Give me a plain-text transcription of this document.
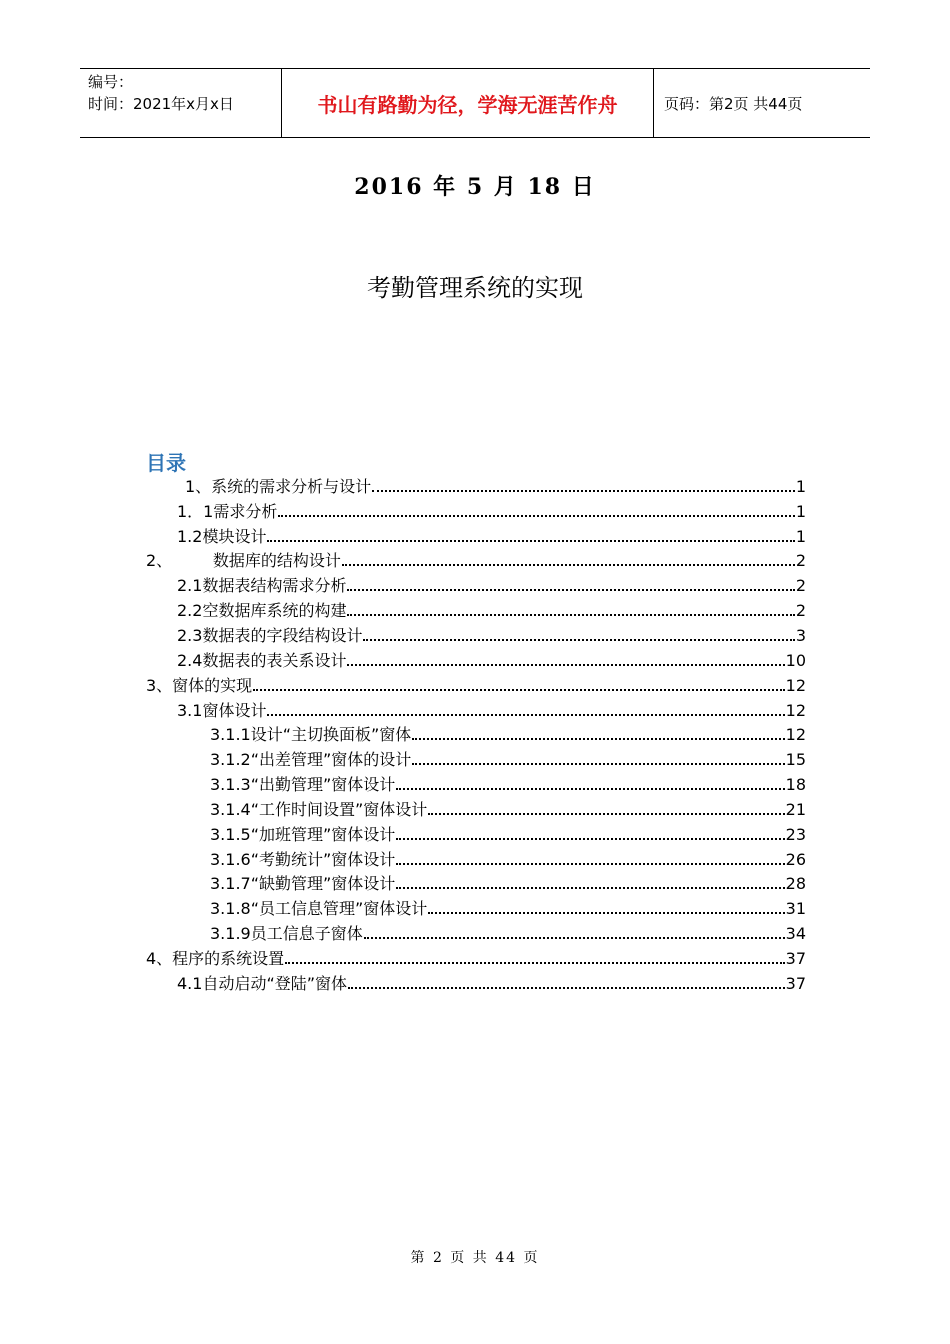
编号：
时间：2021年x月x日	书山有路勤为径，学海无涯苦作舟	页码：第2页 共44页
2016 年 5 月 18 日
考勤管理系统的实现
目录
1、系统的需求分析与设计	1
1．1需求分析	1
1.2模块设计	1
2、        数据库的结构设计	2
2.1数据表结构需求分析	2
2.2空数据库系统的构建	2
2.3数据表的字段结构设计	3
2.4数据表的表关系设计	10
3、窗体的实现	12
3.1窗体设计	12
3.1.1设计“主切换面板”窗体	12
3.1.2“出差管理”窗体的设计	15
3.1.3“出勤管理”窗体设计	18
3.1.4“工作时间设置”窗体设计	21
3.1.5“加班管理”窗体设计	23
3.1.6“考勤统计”窗体设计	26
3.1.7“缺勤管理”窗体设计	28
3.1.8“员工信息管理”窗体设计	31
3.1.9员工信息子窗体	34
4、程序的系统设置	37
4.1自动启动“登陆”窗体	37
第 2 页 共 44 页
